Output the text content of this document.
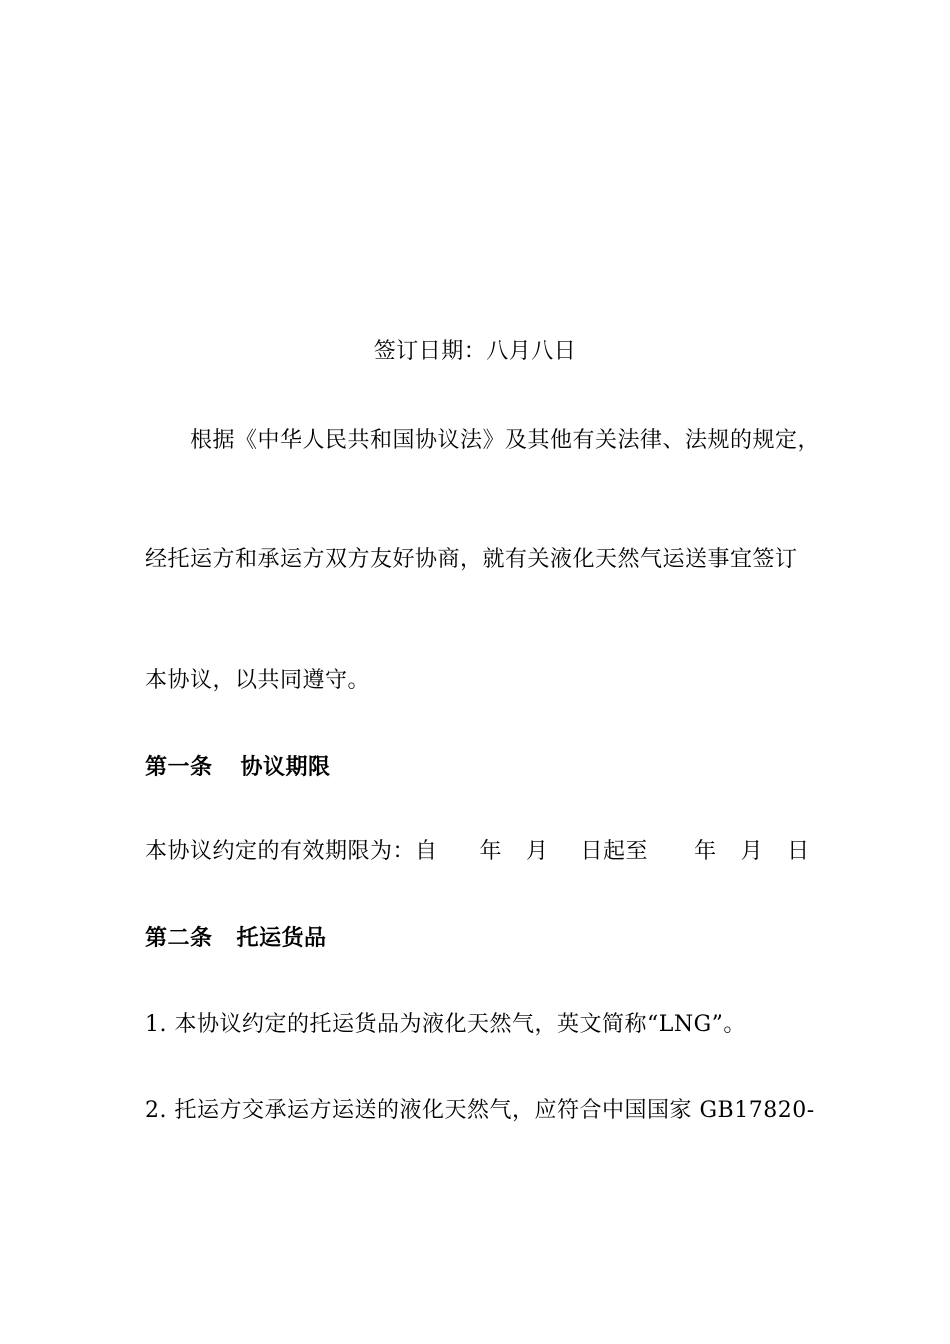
签订日期：八月八日
根据《中华人民共和国协议法》及其他有关法律、法规的规定，
经托运方和承运方双方友好协商，就有关液化天然气运送事宜签订
本协议，以共同遵守。
第一条 协议期限
本协议约定的有效期限为：自 年 月 日起至 年 月 日
第二条 托运货品
1. 本协议约定的托运货品为液化天然气，英文简称“LNG”。
2. 托运方交承运方运送的液化天然气，应符合中国国家 GB17820-
